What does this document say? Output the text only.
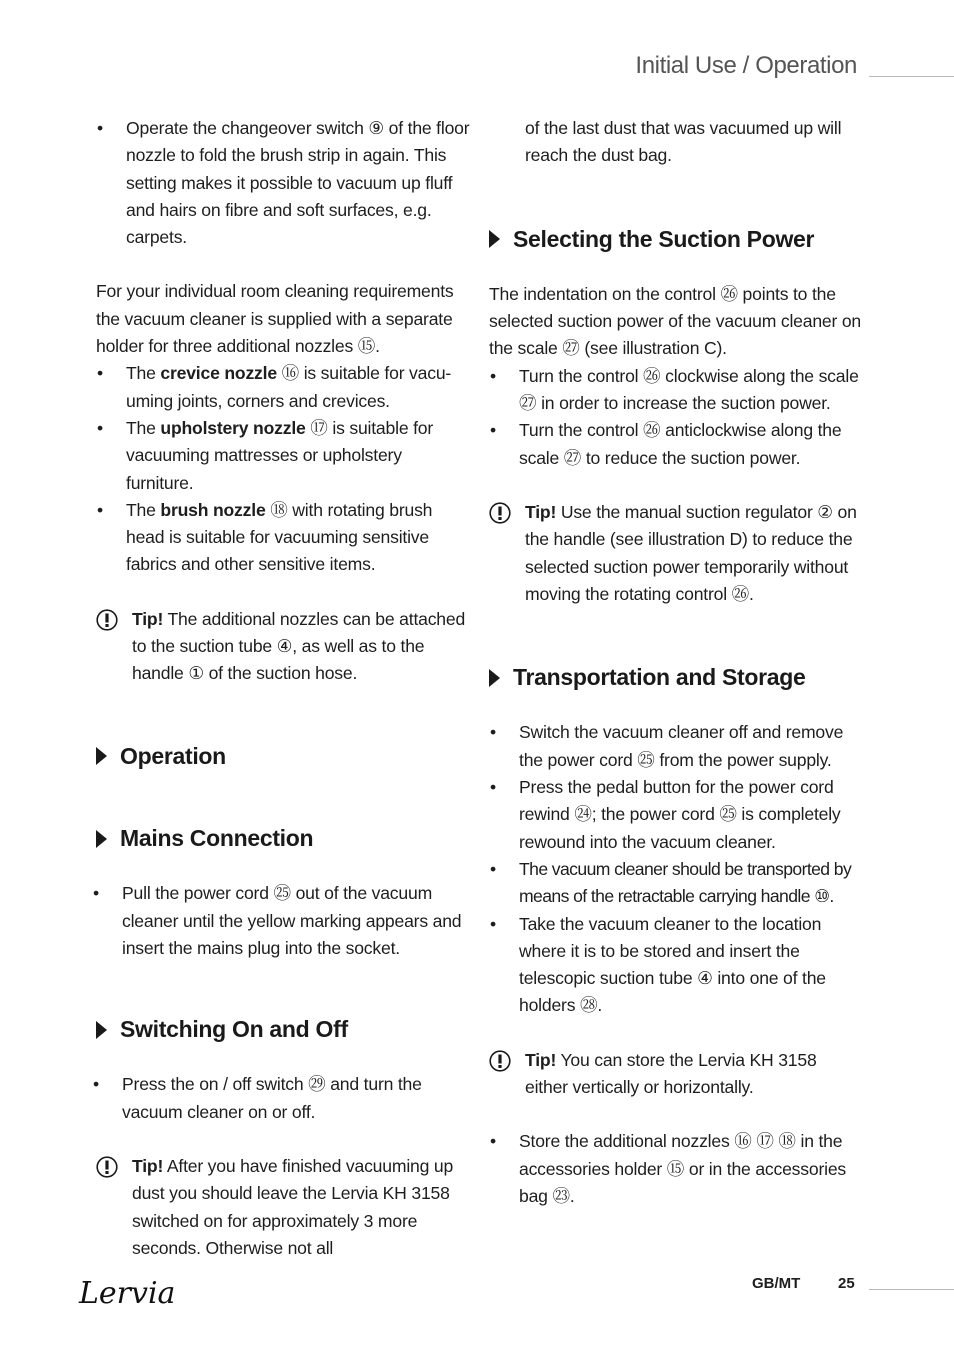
Initial Use / Operation
• Operate the changeover switch ⑨ of the floor nozzle to fold the brush strip in again. This setting makes it possible to vacuum up fluff and hairs on fibre and soft surfaces, e.g. carpets.

For your individual room cleaning requirements the vacuum cleaner is supplied with a separate holder for three additional nozzles ⑮.

• The crevice nozzle ⑯ is suitable for vacuuming joints, corners and crevices.
• The upholstery nozzle ⑰ is suitable for vacuuming mattresses or upholstery furniture.
• The brush nozzle ⑱ with rotating brush head is suitable for vacuuming sensitive fabrics and other sensitive items.
Tip! The additional nozzles can be attached to the suction tube ④, as well as to the handle ① of the suction hose.
Operation
Mains Connection
• Pull the power cord ㉕ out of the vacuum cleaner until the yellow marking appears and insert the mains plug into the socket.
Switching On and Off
• Press the on / off switch ㉙ and turn the vacuum cleaner on or off.
Tip! After you have finished vacuuming up dust you should leave the Lervia KH 3158 switched on for approximately 3 more seconds. Otherwise not all

of the last dust that was vacuumed up will reach the dust bag.

Selecting the Suction Power

The indentation on the control ㉖ points to the selected suction power of the vacuum cleaner on the scale ㉗ (see illustration C).

• Turn the control ㉖ clockwise along the scale ㉗ in order to increase the suction power.
• Turn the control ㉖ anticlockwise along the scale ㉗ to reduce the suction power.
Tip! Use the manual suction regulator ② on the handle (see illustration D) to reduce the selected suction power temporarily without moving the rotating control ㉖.
Transportation and Storage
• Switch the vacuum cleaner off and remove the power cord ㉕ from the power supply.
• Press the pedal button for the power cord rewind ㉔; the power cord ㉕ is completely rewound into the vacuum cleaner.
• The vacuum cleaner should be transported by means of the retractable carrying handle ⑩.
• Take the vacuum cleaner to the location where it is to be stored and insert the telescopic suction tube ④ into one of the holders ㉘.
Tip! You can store the Lervia KH 3158 either vertically or horizontally.
• Store the additional nozzles ⑯ ⑰ ⑱ in the accessories holder ⑮ or in the accessories bag ㉓.
Lervia	GB/MT	25
